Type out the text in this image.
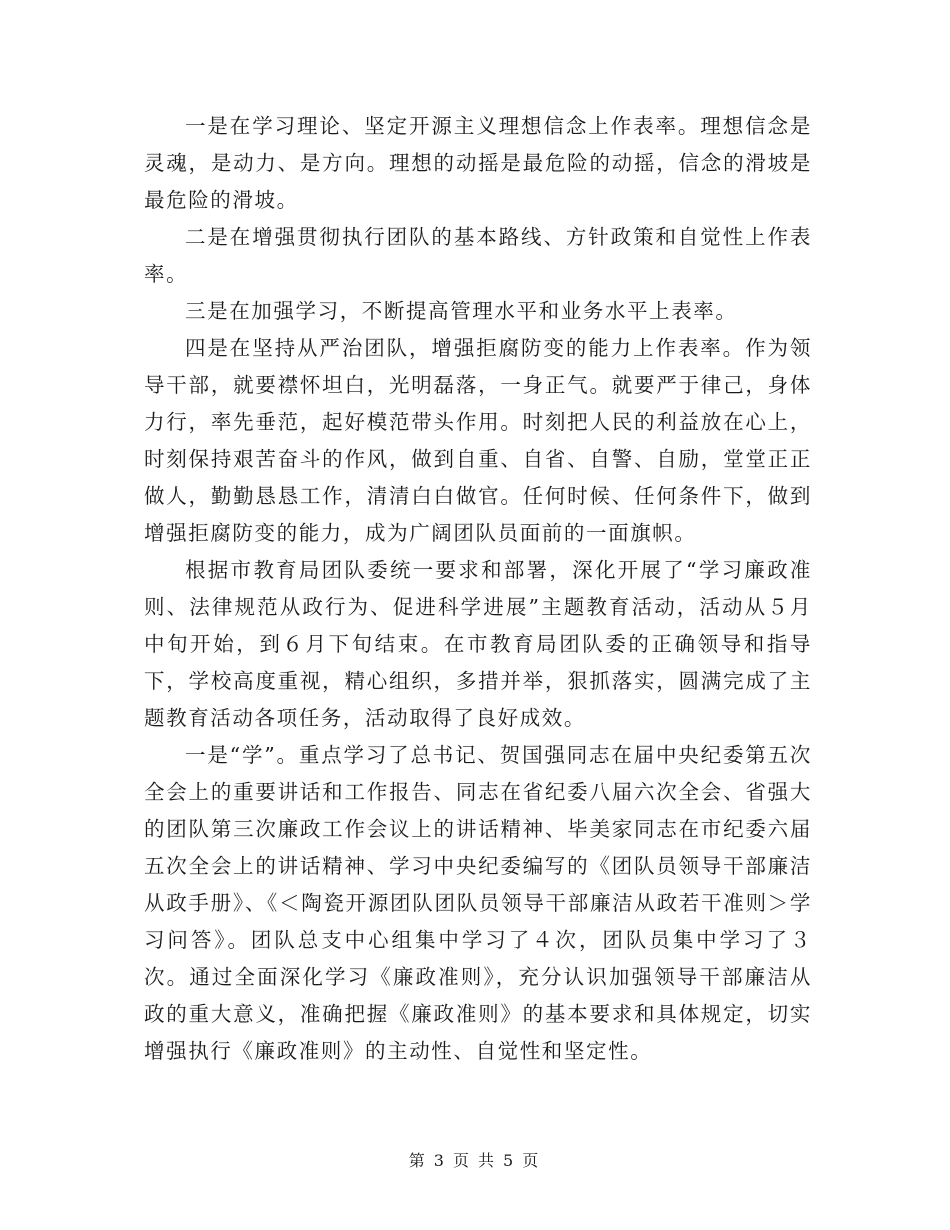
一是在学习理论、坚定开源主义理想信念上作表率。理想信念是灵魂，是动力、是方向。理想的动摇是最危险的动摇，信念的滑坡是最危险的滑坡。

二是在增强贯彻执行团队的基本路线、方针政策和自觉性上作表率。

三是在加强学习，不断提高管理水平和业务水平上表率。

四是在坚持从严治团队，增强拒腐防变的能力上作表率。作为领导干部，就要襟怀坦白，光明磊落，一身正气。就要严于律己，身体力行，率先垂范，起好模范带头作用。时刻把人民的利益放在心上，时刻保持艰苦奋斗的作风，做到自重、自省、自警、自励，堂堂正正做人，勤勤恳恳工作，清清白白做官。任何时候、任何条件下，做到增强拒腐防变的能力，成为广阔团队员面前的一面旗帜。

根据市教育局团队委统一要求和部署，深化开展了“学习廉政准则、法律规范从政行为、促进科学进展”主题教育活动，活动从５月中旬开始，到６月下旬结束。在市教育局团队委的正确领导和指导下，学校高度重视，精心组织，多措并举，狠抓落实，圆满完成了主题教育活动各项任务，活动取得了良好成效。

一是“学”。重点学习了总书记、贺国强同志在届中央纪委第五次全会上的重要讲话和工作报告、同志在省纪委八届六次全会、省强大的团队第三次廉政工作会议上的讲话精神、毕美家同志在市纪委六届五次全会上的讲话精神、学习中央纪委编写的《团队员领导干部廉洁从政手册》、《＜陶瓷开源团队团队员领导干部廉洁从政若干准则＞学习问答》。团队总支中心组集中学习了４次，团队员集中学习了３次。通过全面深化学习《廉政准则》，充分认识加强领导干部廉洁从政的重大意义，准确把握《廉政准则》的基本要求和具体规定，切实增强执行《廉政准则》的主动性、自觉性和坚定性。

第 3 页 共 5 页
